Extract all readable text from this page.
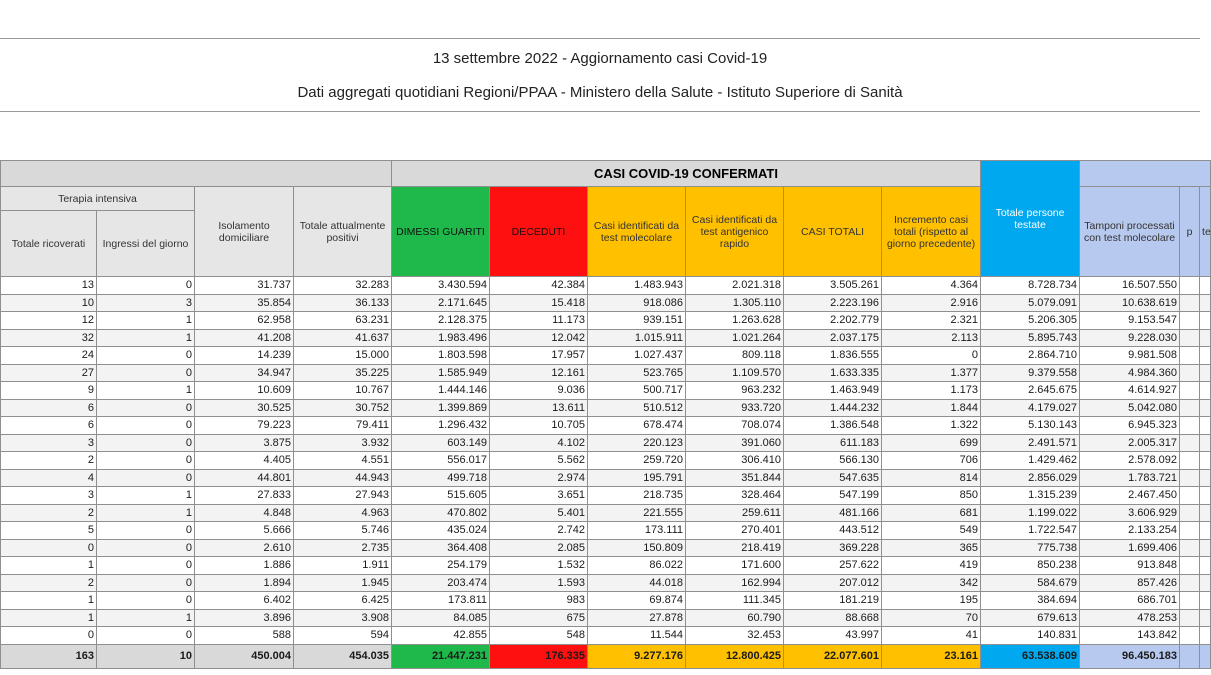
13 settembre 2022 - Aggiornamento casi Covid-19
Dati aggregati quotidiani Regioni/PPAA - Ministero della Salute - Istituto Superiore di Sanità
				CASI COVID-19 CONFERMATI						Totale persone testate			
Terapia intensiva		Isolamento domiciliare	Totale attualmente positivi	DIMESSI GUARITI	DECEDUTI	Casi identificati da test molecolare	Casi identificati da test antigenico rapido	CASI TOTALI	Incremento casi totali (rispetto al giorno precedente)		Tamponi processati con test molecolare	p	te
Totale ricoverati	Ingressi del giorno												
13	0	31.737	32.283	3.430.594	42.384	1.483.943	2.021.318	3.505.261	4.364	8.728.734	16.507.550		
10	3	35.854	36.133	2.171.645	15.418	918.086	1.305.110	2.223.196	2.916	5.079.091	10.638.619		
12	1	62.958	63.231	2.128.375	11.173	939.151	1.263.628	2.202.779	2.321	5.206.305	9.153.547		
32	1	41.208	41.637	1.983.496	12.042	1.015.911	1.021.264	2.037.175	2.113	5.895.743	9.228.030		
24	0	14.239	15.000	1.803.598	17.957	1.027.437	809.118	1.836.555	0	2.864.710	9.981.508		
27	0	34.947	35.225	1.585.949	12.161	523.765	1.109.570	1.633.335	1.377	9.379.558	4.984.360		
9	1	10.609	10.767	1.444.146	9.036	500.717	963.232	1.463.949	1.173	2.645.675	4.614.927		
6	0	30.525	30.752	1.399.869	13.611	510.512	933.720	1.444.232	1.844	4.179.027	5.042.080		
6	0	79.223	79.411	1.296.432	10.705	678.474	708.074	1.386.548	1.322	5.130.143	6.945.323		
3	0	3.875	3.932	603.149	4.102	220.123	391.060	611.183	699	2.491.571	2.005.317		
2	0	4.405	4.551	556.017	5.562	259.720	306.410	566.130	706	1.429.462	2.578.092		
4	0	44.801	44.943	499.718	2.974	195.791	351.844	547.635	814	2.856.029	1.783.721		
3	1	27.833	27.943	515.605	3.651	218.735	328.464	547.199	850	1.315.239	2.467.450		
2	1	4.848	4.963	470.802	5.401	221.555	259.611	481.166	681	1.199.022	3.606.929		
5	0	5.666	5.746	435.024	2.742	173.111	270.401	443.512	549	1.722.547	2.133.254		
0	0	2.610	2.735	364.408	2.085	150.809	218.419	369.228	365	775.738	1.699.406		
1	0	1.886	1.911	254.179	1.532	86.022	171.600	257.622	419	850.238	913.848		
2	0	1.894	1.945	203.474	1.593	44.018	162.994	207.012	342	584.679	857.426		
1	0	6.402	6.425	173.811	983	69.874	111.345	181.219	195	384.694	686.701		
1	1	3.896	3.908	84.085	675	27.878	60.790	88.668	70	679.613	478.253		
0	0	588	594	42.855	548	11.544	32.453	43.997	41	140.831	143.842		
163	10	450.004	454.035	21.447.231	176.335	9.277.176	12.800.425	22.077.601	23.161	63.538.609	96.450.183		
